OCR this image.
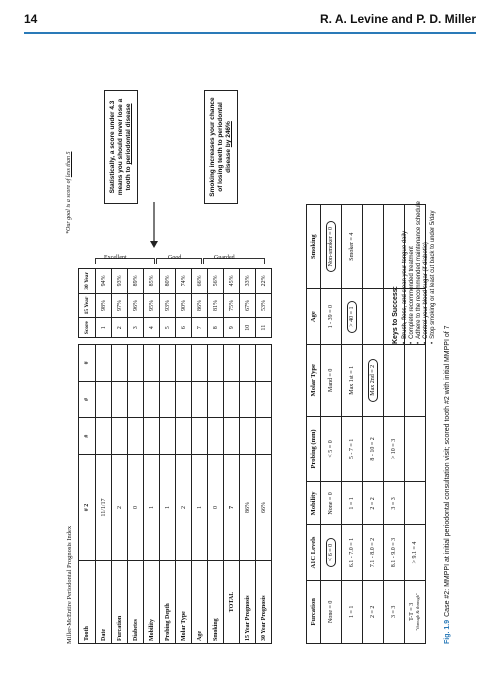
14	R. A. Levine and P. D. Miller
Miller-McEntire Periodontal Prognosis Index
*Our goal is a score of less than 5
Tooth	# 2	#	#	#
Date	11/1/17			
Furcation	2			
Diabetes	0			
Mobility	1			
Probing Depth	1			
Molar Type	2			
Age	1			
Smoking	0			
TOTAL	7			
15 Year Prognosis	86%			
30 Year Prognosis	66%			
Score	15 Year	30 Year
1	98%	94%
2	97%	93%
3	96%	89%
4	95%	85%
5	93%	80%
6	90%	74%
7	86%	66%
8	81%	56%
9	75%	45%
10	67%	33%
11	53%	22%
Excellent	Good	Guarded
Statistically, a score under 4.3 means you should never lose a tooth to periodontal disease	Smoking increases your chance of losing teeth to periodontal disease by 246%
Furcation	A1C Levels	Mobility	Probing (mm)	Molar Type	Age	Smoking
None = 0	< 6 = 0	None = 0	< 5 = 0	Mand = 0	1 - 39 = 0	Non-smoker = 0
1 = 1	6.1 - 7.0 = 1	1 = 1	5 - 7 = 1	Max 1st = 1	> 40 = 1	Smoker = 4
2 = 2	7.1 - 8.0 = 2	2 = 2	8 - 10 = 2	Max 2nd = 2		
3 = 3	8.1 - 9.0 = 3	3 = 3	> 10 = 3			
T-T = 3
"through & through"	> 9.1 = 4					
Keys to Success: • Brush, floss, and clean your tongue daily • Complete recommended treatment • Adhere to the recommended maintenance schedule • Control your blood sugar (if diabetic) • Stop smoking or at least cut back to under 5/day
Fig. 1.9Case #2: MMPPI at initial periodontal consultation visit; scored tooth #2 with initial MMPPI of 7
